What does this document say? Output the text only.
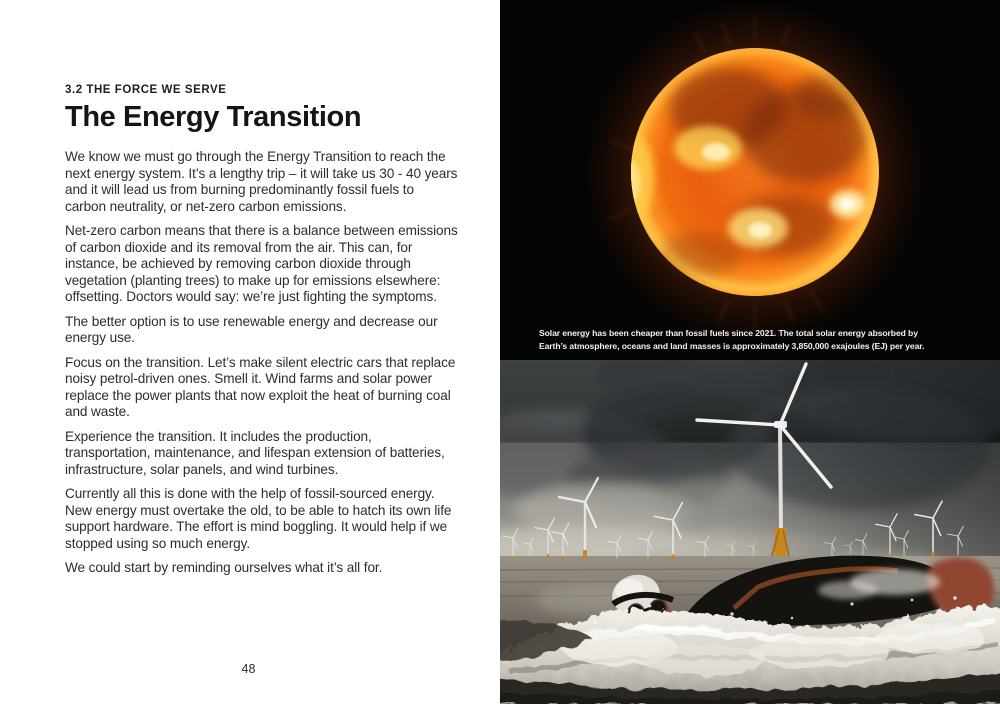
3.2 THE FORCE WE SERVE
The Energy Transition

We know we must go through the Energy Transition to reach the next energy system. It’s a lengthy trip – it will take us 30 - 40 years and it will lead us from burning predominantly fossil fuels to carbon neutrality, or net-zero carbon emissions.

Net-zero carbon means that there is a balance between emissions of carbon dioxide and its removal from the air. This can, for instance, be achieved by removing carbon dioxide through vegetation (planting trees) to make up for emissions elsewhere: offsetting. Doctors would say: we’re just fighting the symptoms.

The better option is to use renewable energy and decrease our energy use.

Focus on the transition. Let’s make silent electric cars that replace noisy petrol-driven ones. Smell it. Wind farms and solar power replace the power plants that now exploit the heat of burning coal and waste.

Experience the transition. It includes the production, transportation, maintenance, and lifespan extension of batteries, infrastructure, solar panels, and wind turbines.

Currently all this is done with the help of fossil-sourced energy. New energy must overtake the old, to be able to hatch its own life support hardware. The effort is mind boggling. It would help if we stopped using so much energy.

We could start by reminding ourselves what it’s all for.

48
Solar energy has been cheaper than fossil fuels since 2021. The total solar energy absorbed by
Earth’s atmosphere, oceans and land masses is approximately 3,850,000 exajoules (EJ) per year.
